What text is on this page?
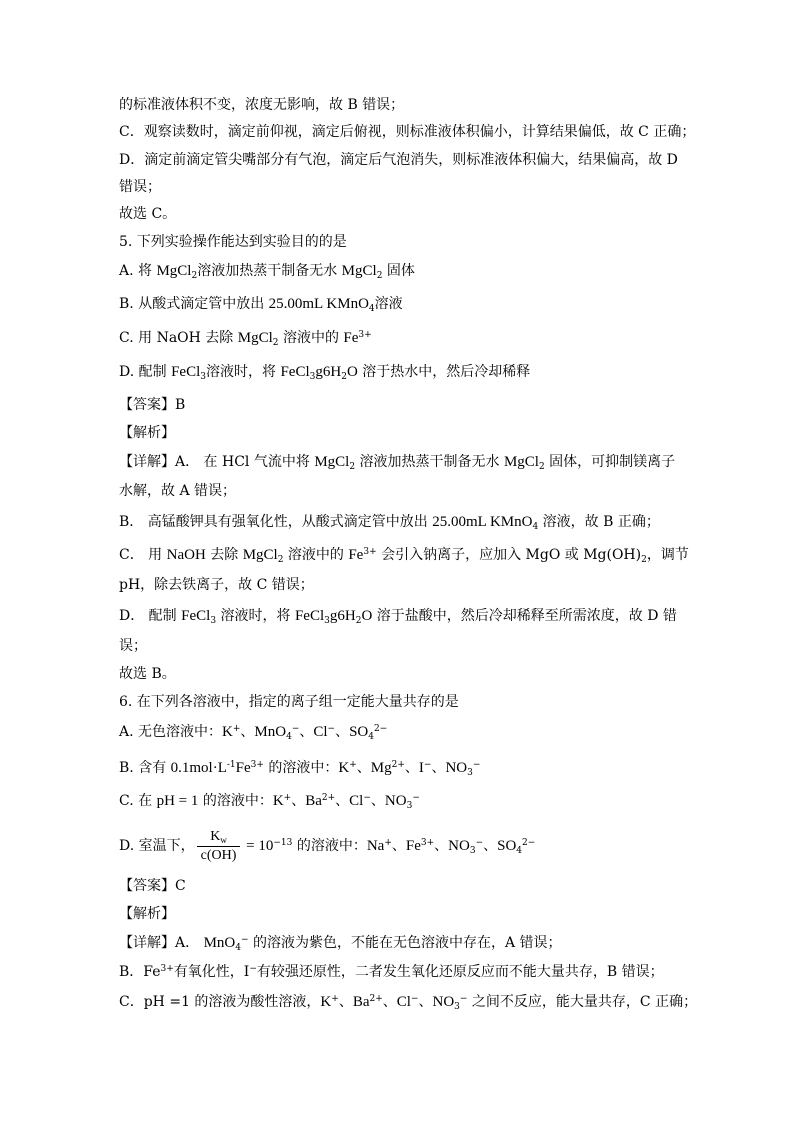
的标准液体积不变，浓度无影响，故 B 错误；
C．观察读数时，滴定前仰视，滴定后俯视，则标准液体积偏小，计算结果偏低，故 C 正确；
D．滴定前滴定管尖嘴部分有气泡，滴定后气泡消失，则标准液体积偏大，结果偏高，故 D
错误；
故选 C。
5. 下列实验操作能达到实验目的的是
A. 将 MgCl$_2$溶液加热蒸干制备无水 MgCl$_2$ 固体
B. 从酸式滴定管中放出 25.00mL KMnO$_4$溶液
C. 用 NaOH 去除 MgCl$_2$ 溶液中的 $Fe^{3+}$
D. 配制 FeCl$_3$溶液时，将 $FeCl_3g6H_2O$ 溶于热水中，然后冷却稀释
【答案】B
【解析】
【详解】A． 在 HCl 气流中将 MgCl$_2$ 溶液加热蒸干制备无水 MgCl$_2$ 固体，可抑制镁离子
水解，故 A 错误；
B． 高锰酸钾具有强氧化性，从酸式滴定管中放出 25.00mL KMnO$_4$ 溶液，故 B 正确；
C． 用 NaOH 去除 MgCl$_2$ 溶液中的 $Fe^{3+}$ 会引入钠离子，应加入 MgO 或 $Mg(OH)_2$，调节
pH，除去铁离子，故 C 错误；
D． 配制 FeCl$_3$ 溶液时，将 $FeCl_3g6H_2O$ 溶于盐酸中，然后冷却稀释至所需浓度，故 D 错
误；
故选 B。
6. 在下列各溶液中，指定的离子组一定能大量共存的是
A. 无色溶液中：K+、MnO$_4$−、Cl−、$SO_4^{2-}$
B. 含有 $0.1mol\cdot L^{-1}Fe^{3+}$ 的溶液中：K+、$Mg^{2+}$、I−、$NO_3^-$
C. 在 pH = 1 的溶液中：K+、$Ba^{2+}$、Cl−、$NO_3^-$
D. 室温下， $\frac{K_w}{c(OH)} = 10^{-13}$ 的溶液中：Na+、$Fe^{3+}$、$NO_3^-$、$SO_4^{2-}$
【答案】C
【解析】
【详解】A． MnO$_4$− 的溶液为紫色，不能在无色溶液中存在，A 错误；
B．$Fe^{3+}$有氧化性，I−有较强还原性，二者发生氧化还原反应而不能大量共存，B 错误；
C．pH =1 的溶液为酸性溶液，K+、$Ba^{2+}$、Cl−、$NO_3^-$ 之间不反应，能大量共存，C 正确；
